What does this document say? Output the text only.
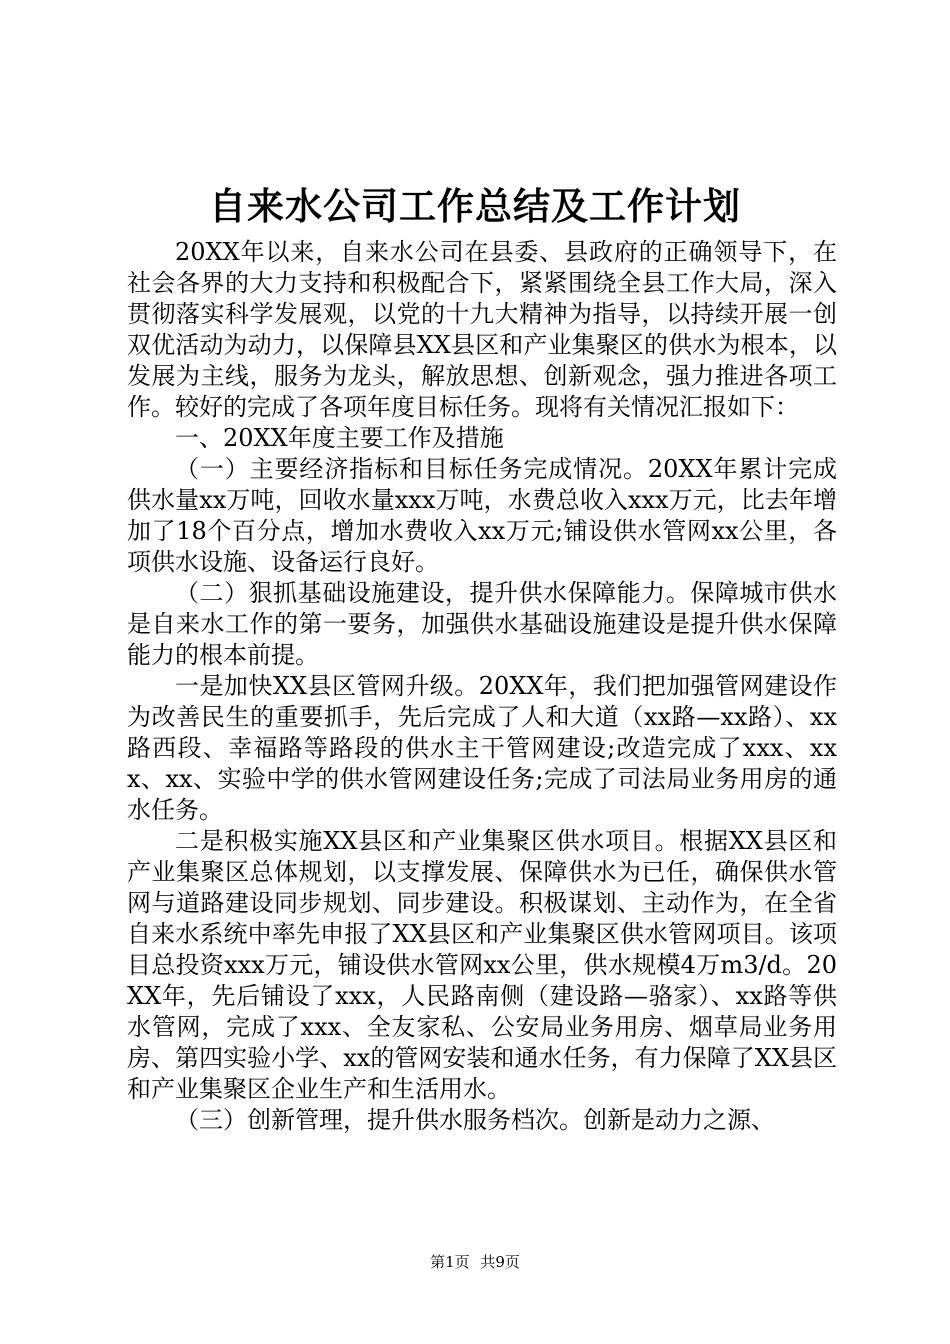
自来水公司工作总结及工作计划

20XX年以来，自来水公司在县委、县政府的正确领导下，在社会各界的大力支持和积极配合下，紧紧围绕全县工作大局，深入贯彻落实科学发展观，以党的十九大精神为指导，以持续开展一创双优活动为动力，以保障县XX县区和产业集聚区的供水为根本，以发展为主线，服务为龙头，解放思想、创新观念，强力推进各项工作。较好的完成了各项年度目标任务。现将有关情况汇报如下：

一、20XX年度主要工作及措施

（一）主要经济指标和目标任务完成情况。20XX年累计完成供水量xx万吨，回收水量xxx万吨，水费总收入xxx万元，比去年增加了18个百分点，增加水费收入xx万元;铺设供水管网xx公里，各项供水设施、设备运行良好。

（二）狠抓基础设施建设，提升供水保障能力。保障城市供水是自来水工作的第一要务，加强供水基础设施建设是提升供水保障能力的根本前提。

一是加快XX县区管网升级。20XX年，我们把加强管网建设作为改善民生的重要抓手，先后完成了人和大道（xx路—xx路）、xx路西段、幸福路等路段的供水主干管网建设;改造完成了xxx、xxx、xx、实验中学的供水管网建设任务;完成了司法局业务用房的通水任务。

二是积极实施XX县区和产业集聚区供水项目。根据XX县区和产业集聚区总体规划，以支撑发展、保障供水为已任，确保供水管网与道路建设同步规划、同步建设。积极谋划、主动作为，在全省自来水系统中率先申报了XX县区和产业集聚区供水管网项目。该项目总投资xxx万元，铺设供水管网xx公里，供水规模4万m3/d。20XX年，先后铺设了xxx，人民路南侧（建设路—骆家）、xx路等供水管网，完成了xxx、全友家私、公安局业务用房、烟草局业务用房、第四实验小学、xx的管网安装和通水任务，有力保障了XX县区和产业集聚区企业生产和生活用水。

（三）创新管理，提升供水服务档次。创新是动力之源、

第1页 共9页
